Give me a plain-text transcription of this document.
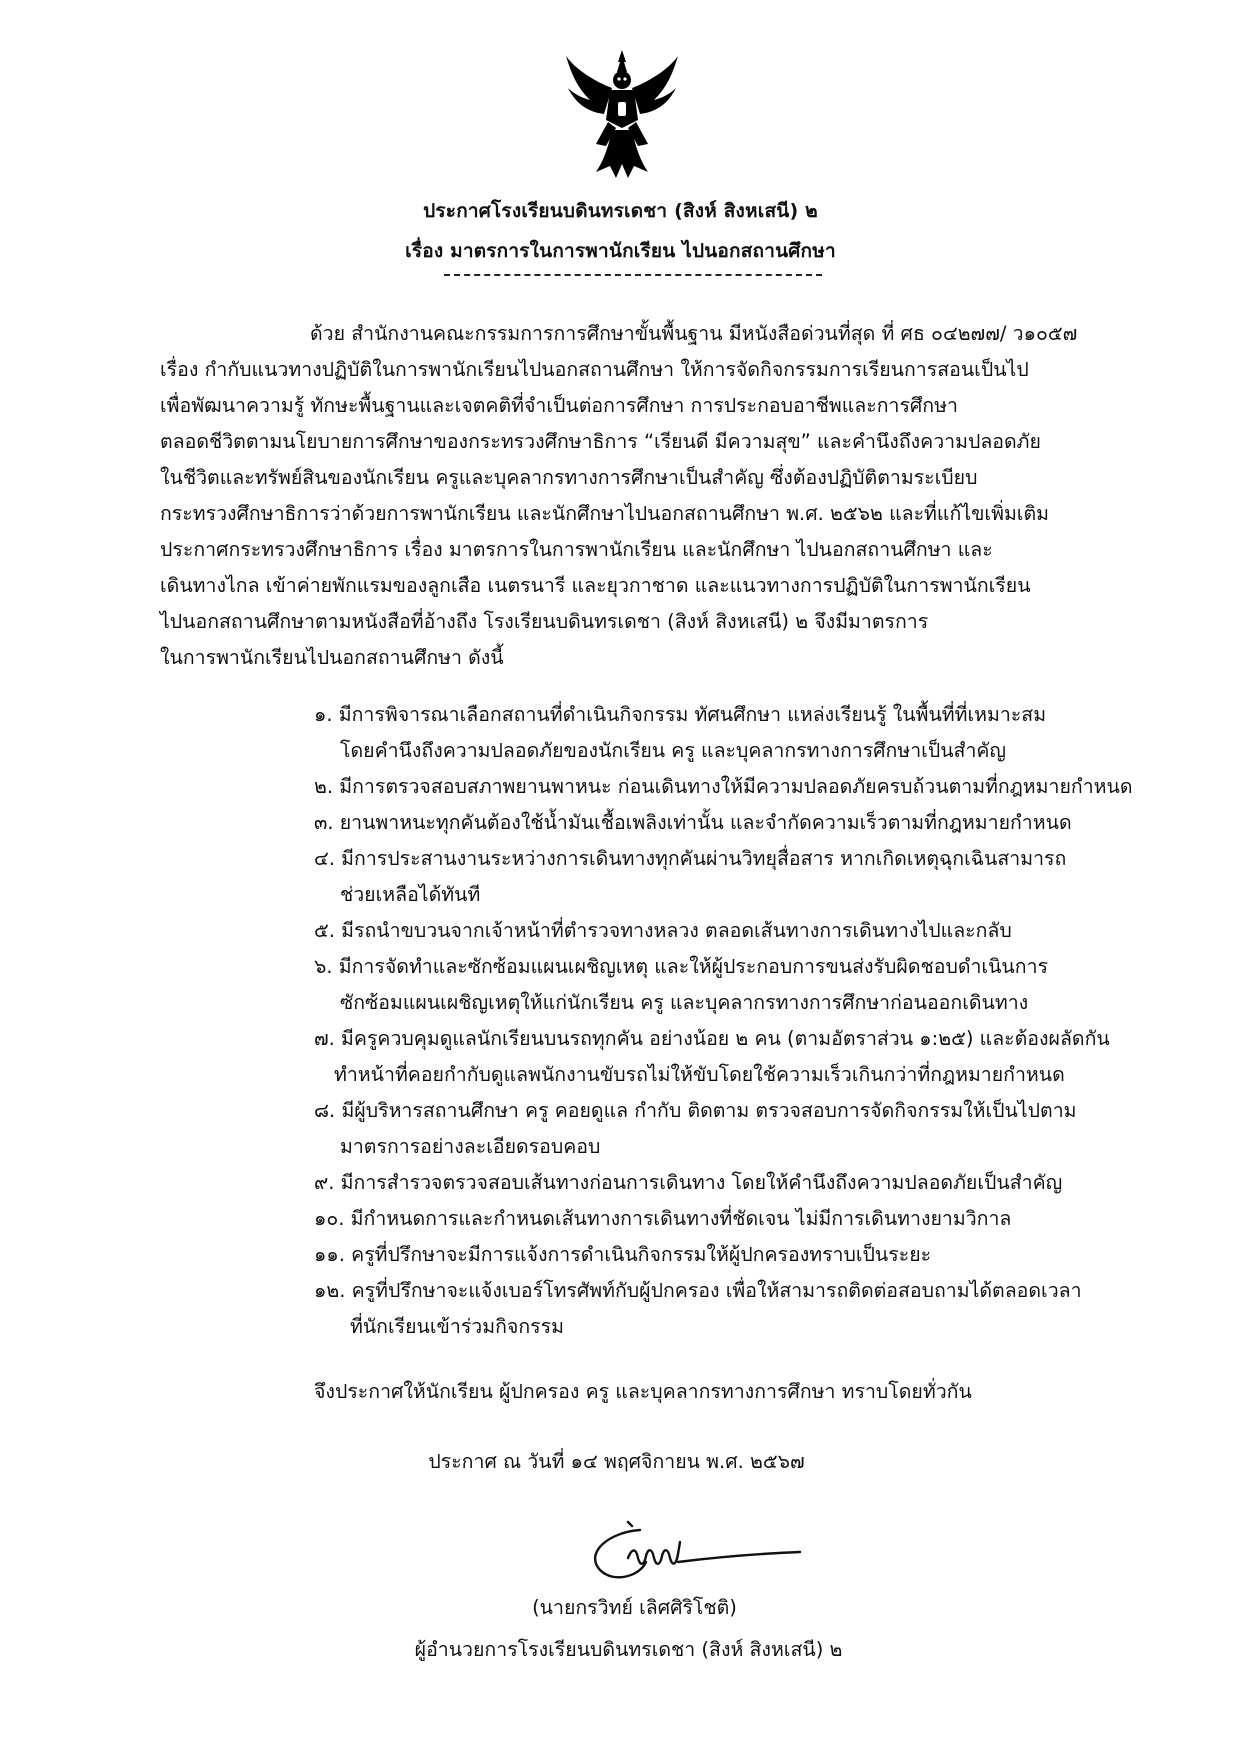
ประกาศโรงเรียนบดินทรเดชา (สิงห์ สิงหเสนี) ๒
เรื่อง มาตรการในการพานักเรียน ไปนอกสถานศึกษา
ด้วย สำนักงานคณะกรรมการการศึกษาขั้นพื้นฐาน มีหนังสือด่วนที่สุด ที่ ศธ ๐๔๒๗๗/ ว๑๐๕๗
เรื่อง กำกับแนวทางปฏิบัติในการพานักเรียนไปนอกสถานศึกษา ให้การจัดกิจกรรมการเรียนการสอนเป็นไป
เพื่อพัฒนาความรู้ ทักษะพื้นฐานและเจตคติที่จำเป็นต่อการศึกษา การประกอบอาชีพและการศึกษา
ตลอดชีวิตตามนโยบายการศึกษาของกระทรวงศึกษาธิการ “เรียนดี มีความสุข” และคำนึงถึงความปลอดภัย
ในชีวิตและทรัพย์สินของนักเรียน ครูและบุคลากรทางการศึกษาเป็นสำคัญ ซึ่งต้องปฏิบัติตามระเบียบ
กระทรวงศึกษาธิการว่าด้วยการพานักเรียน และนักศึกษาไปนอกสถานศึกษา พ.ศ. ๒๕๖๒ และที่แก้ไขเพิ่มเติม
ประกาศกระทรวงศึกษาธิการ เรื่อง มาตรการในการพานักเรียน และนักศึกษา ไปนอกสถานศึกษา และ
เดินทางไกล เข้าค่ายพักแรมของลูกเสือ เนตรนารี และยุวกาชาด และแนวทางการปฏิบัติในการพานักเรียน
ไปนอกสถานศึกษาตามหนังสือที่อ้างถึง โรงเรียนบดินทรเดชา (สิงห์ สิงหเสนี) ๒ จึงมีมาตรการ
ในการพานักเรียนไปนอกสถานศึกษา ดังนี้
๑. มีการพิจารณาเลือกสถานที่ดำเนินกิจกรรม ทัศนศึกษา แหล่งเรียนรู้ ในพื้นที่ที่เหมาะสม
โดยคำนึงถึงความปลอดภัยของนักเรียน ครู และบุคลากรทางการศึกษาเป็นสำคัญ
๒. มีการตรวจสอบสภาพยานพาหนะ ก่อนเดินทางให้มีความปลอดภัยครบถ้วนตามที่กฎหมายกำหนด
๓. ยานพาหนะทุกคันต้องใช้น้ำมันเชื้อเพลิงเท่านั้น และจำกัดความเร็วตามที่กฎหมายกำหนด
๔. มีการประสานงานระหว่างการเดินทางทุกคันผ่านวิทยุสื่อสาร หากเกิดเหตุฉุกเฉินสามารถ
ช่วยเหลือได้ทันที
๕. มีรถนำขบวนจากเจ้าหน้าที่ตำรวจทางหลวง ตลอดเส้นทางการเดินทางไปและกลับ
๖. มีการจัดทำและซักซ้อมแผนเผชิญเหตุ และให้ผู้ประกอบการขนส่งรับผิดชอบดำเนินการ
ซักซ้อมแผนเผชิญเหตุให้แก่นักเรียน ครู และบุคลากรทางการศึกษาก่อนออกเดินทาง
๗. มีครูควบคุมดูแลนักเรียนบนรถทุกคัน อย่างน้อย ๒ คน (ตามอัตราส่วน ๑:๒๕) และต้องผลัดกัน
ทำหน้าที่คอยกำกับดูแลพนักงานขับรถไม่ให้ขับโดยใช้ความเร็วเกินกว่าที่กฎหมายกำหนด
๘. มีผู้บริหารสถานศึกษา ครู คอยดูแล กำกับ ติดตาม ตรวจสอบการจัดกิจกรรมให้เป็นไปตาม
มาตรการอย่างละเอียดรอบคอบ
๙. มีการสำรวจตรวจสอบเส้นทางก่อนการเดินทาง โดยให้คำนึงถึงความปลอดภัยเป็นสำคัญ
๑๐. มีกำหนดการและกำหนดเส้นทางการเดินทางที่ชัดเจน ไม่มีการเดินทางยามวิกาล
๑๑. ครูที่ปรึกษาจะมีการแจ้งการดำเนินกิจกรรมให้ผู้ปกครองทราบเป็นระยะ
๑๒. ครูที่ปรึกษาจะแจ้งเบอร์โทรศัพท์กับผู้ปกครอง เพื่อให้สามารถติดต่อสอบถามได้ตลอดเวลา
ที่นักเรียนเข้าร่วมกิจกรรม
จึงประกาศให้นักเรียน ผู้ปกครอง ครู และบุคลากรทางการศึกษา ทราบโดยทั่วกัน
ประกาศ ณ วันที่ ๑๔ พฤศจิกายน พ.ศ. ๒๕๖๗
(นายกรวิทย์ เลิศศิริโชติ)
ผู้อำนวยการโรงเรียนบดินทรเดชา (สิงห์ สิงหเสนี) ๒
